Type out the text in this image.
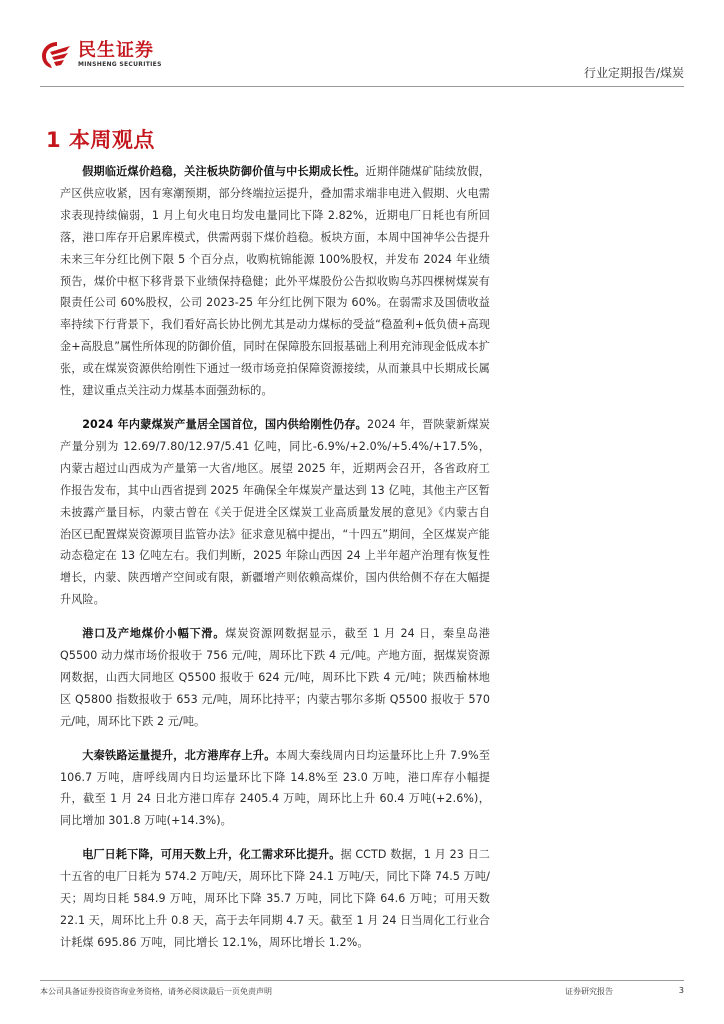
民生证券
MINSHENG SECURITIES
行业定期报告/煤炭
1 本周观点

假期临近煤价趋稳，关注板块防御价值与中长期成长性。近期伴随煤矿陆续放假，产区供应收紧，因有寒潮预期，部分终端拉运提升，叠加需求端非电进入假期、火电需求表现持续偏弱，1 月上旬火电日均发电量同比下降 2.82%，近期电厂日耗也有所回落，港口库存开启累库模式，供需两弱下煤价趋稳。板块方面，本周中国神华公告提升未来三年分红比例下限 5 个百分点，收购杭锦能源 100%股权，并发布 2024 年业绩预告，煤价中枢下移背景下业绩保持稳健；此外平煤股份公告拟收购乌苏四棵树煤炭有限责任公司 60%股权，公司 2023-25 年分红比例下限为 60%。在弱需求及国债收益率持续下行背景下，我们看好高长协比例尤其是动力煤标的受益“稳盈利+低负债+高现金+高股息”属性所体现的防御价值，同时在保障股东回报基础上利用充沛现金低成本扩张，或在煤炭资源供给刚性下通过一级市场竞拍保障资源接续，从而兼具中长期成长属性，建议重点关注动力煤基本面强劲标的。

2024 年内蒙煤炭产量居全国首位，国内供给刚性仍存。2024 年，晋陕蒙新煤炭产量分别为 12.69/7.80/12.97/5.41 亿吨，同比-6.9%/+2.0%/+5.4%/+17.5%，内蒙古超过山西成为产量第一大省/地区。展望 2025 年，近期两会召开，各省政府工作报告发布，其中山西省提到 2025 年确保全年煤炭产量达到 13 亿吨，其他主产区暂未披露产量目标，内蒙古曾在《关于促进全区煤炭工业高质量发展的意见》《内蒙古自治区已配置煤炭资源项目监管办法》征求意见稿中提出，“十四五”期间，全区煤炭产能动态稳定在 13 亿吨左右。我们判断，2025 年除山西因 24 上半年超产治理有恢复性增长，内蒙、陕西增产空间或有限，新疆增产则依赖高煤价，国内供给侧不存在大幅提升风险。

港口及产地煤价小幅下滑。煤炭资源网数据显示，截至 1 月 24 日，秦皇岛港 Q5500 动力煤市场价报收于 756 元/吨，周环比下跌 4 元/吨。产地方面，据煤炭资源网数据，山西大同地区 Q5500 报收于 624 元/吨，周环比下跌 4 元/吨；陕西榆林地区 Q5800 指数报收于 653 元/吨，周环比持平；内蒙古鄂尔多斯 Q5500 报收于 570 元/吨，周环比下跌 2 元/吨。

大秦铁路运量提升，北方港库存上升。本周大秦线周内日均运量环比上升 7.9%至 106.7 万吨，唐呼线周内日均运量环比下降 14.8%至 23.0 万吨，港口库存小幅提升，截至 1 月 24 日北方港口库存 2405.4 万吨，周环比上升 60.4 万吨(+2.6%)，同比增加 301.8 万吨(+14.3%)。

电厂日耗下降，可用天数上升，化工需求环比提升。据 CCTD 数据，1 月 23 日二十五省的电厂日耗为 574.2 万吨/天，周环比下降 24.1 万吨/天，同比下降 74.5 万吨/天；周均日耗 584.9 万吨，周环比下降 35.7 万吨，同比下降 64.6 万吨；可用天数 22.1 天，周环比上升 0.8 天，高于去年同期 4.7 天。截至 1 月 24 日当周化工行业合计耗煤 695.86 万吨，同比增长 12.1%，周环比增长 1.2%。

本公司具备证券投资咨询业务资格，请务必阅读最后一页免责声明	证券研究报告	3
